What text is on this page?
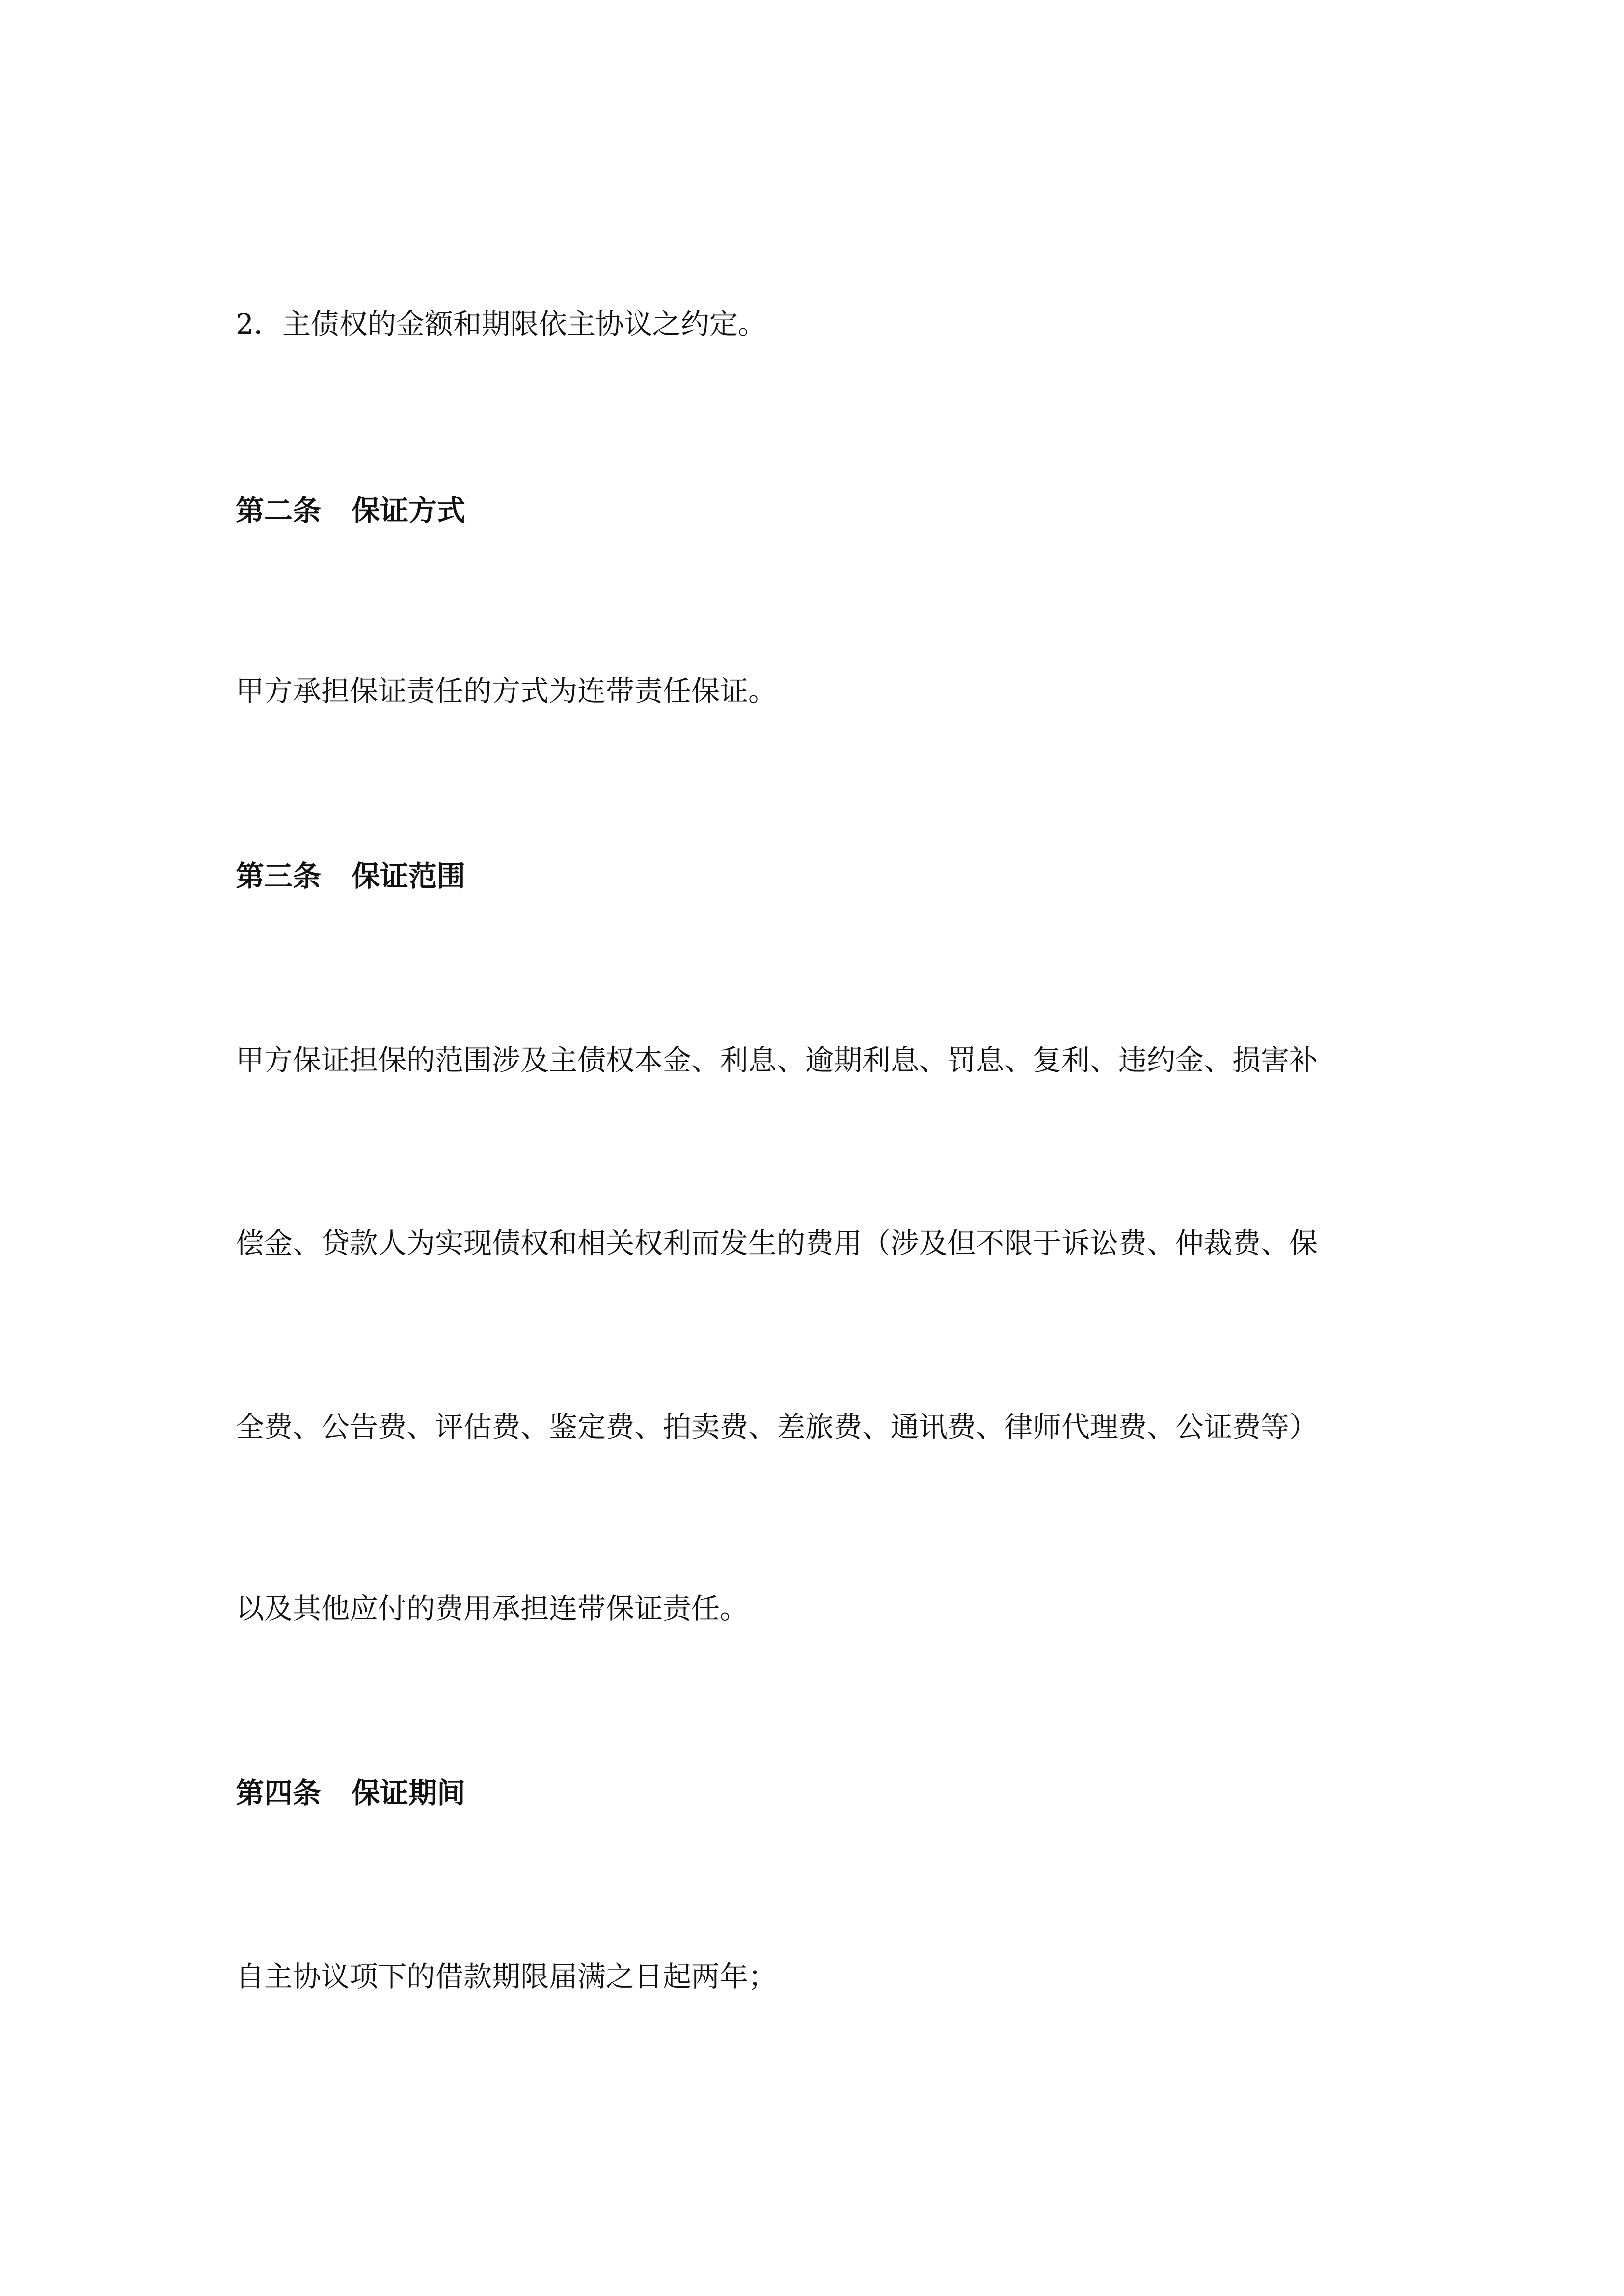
2．主债权的金额和期限依主协议之约定。
第二条 保证方式
甲方承担保证责任的方式为连带责任保证。
第三条 保证范围
甲方保证担保的范围涉及主债权本金、利息、逾期利息、罚息、复利、违约金、损害补
偿金、贷款人为实现债权和相关权利而发生的费用（涉及但不限于诉讼费、仲裁费、保
全费、公告费、评估费、鉴定费、拍卖费、差旅费、通讯费、律师代理费、公证费等）
以及其他应付的费用承担连带保证责任。
第四条 保证期间
自主协议项下的借款期限届满之日起两年；
